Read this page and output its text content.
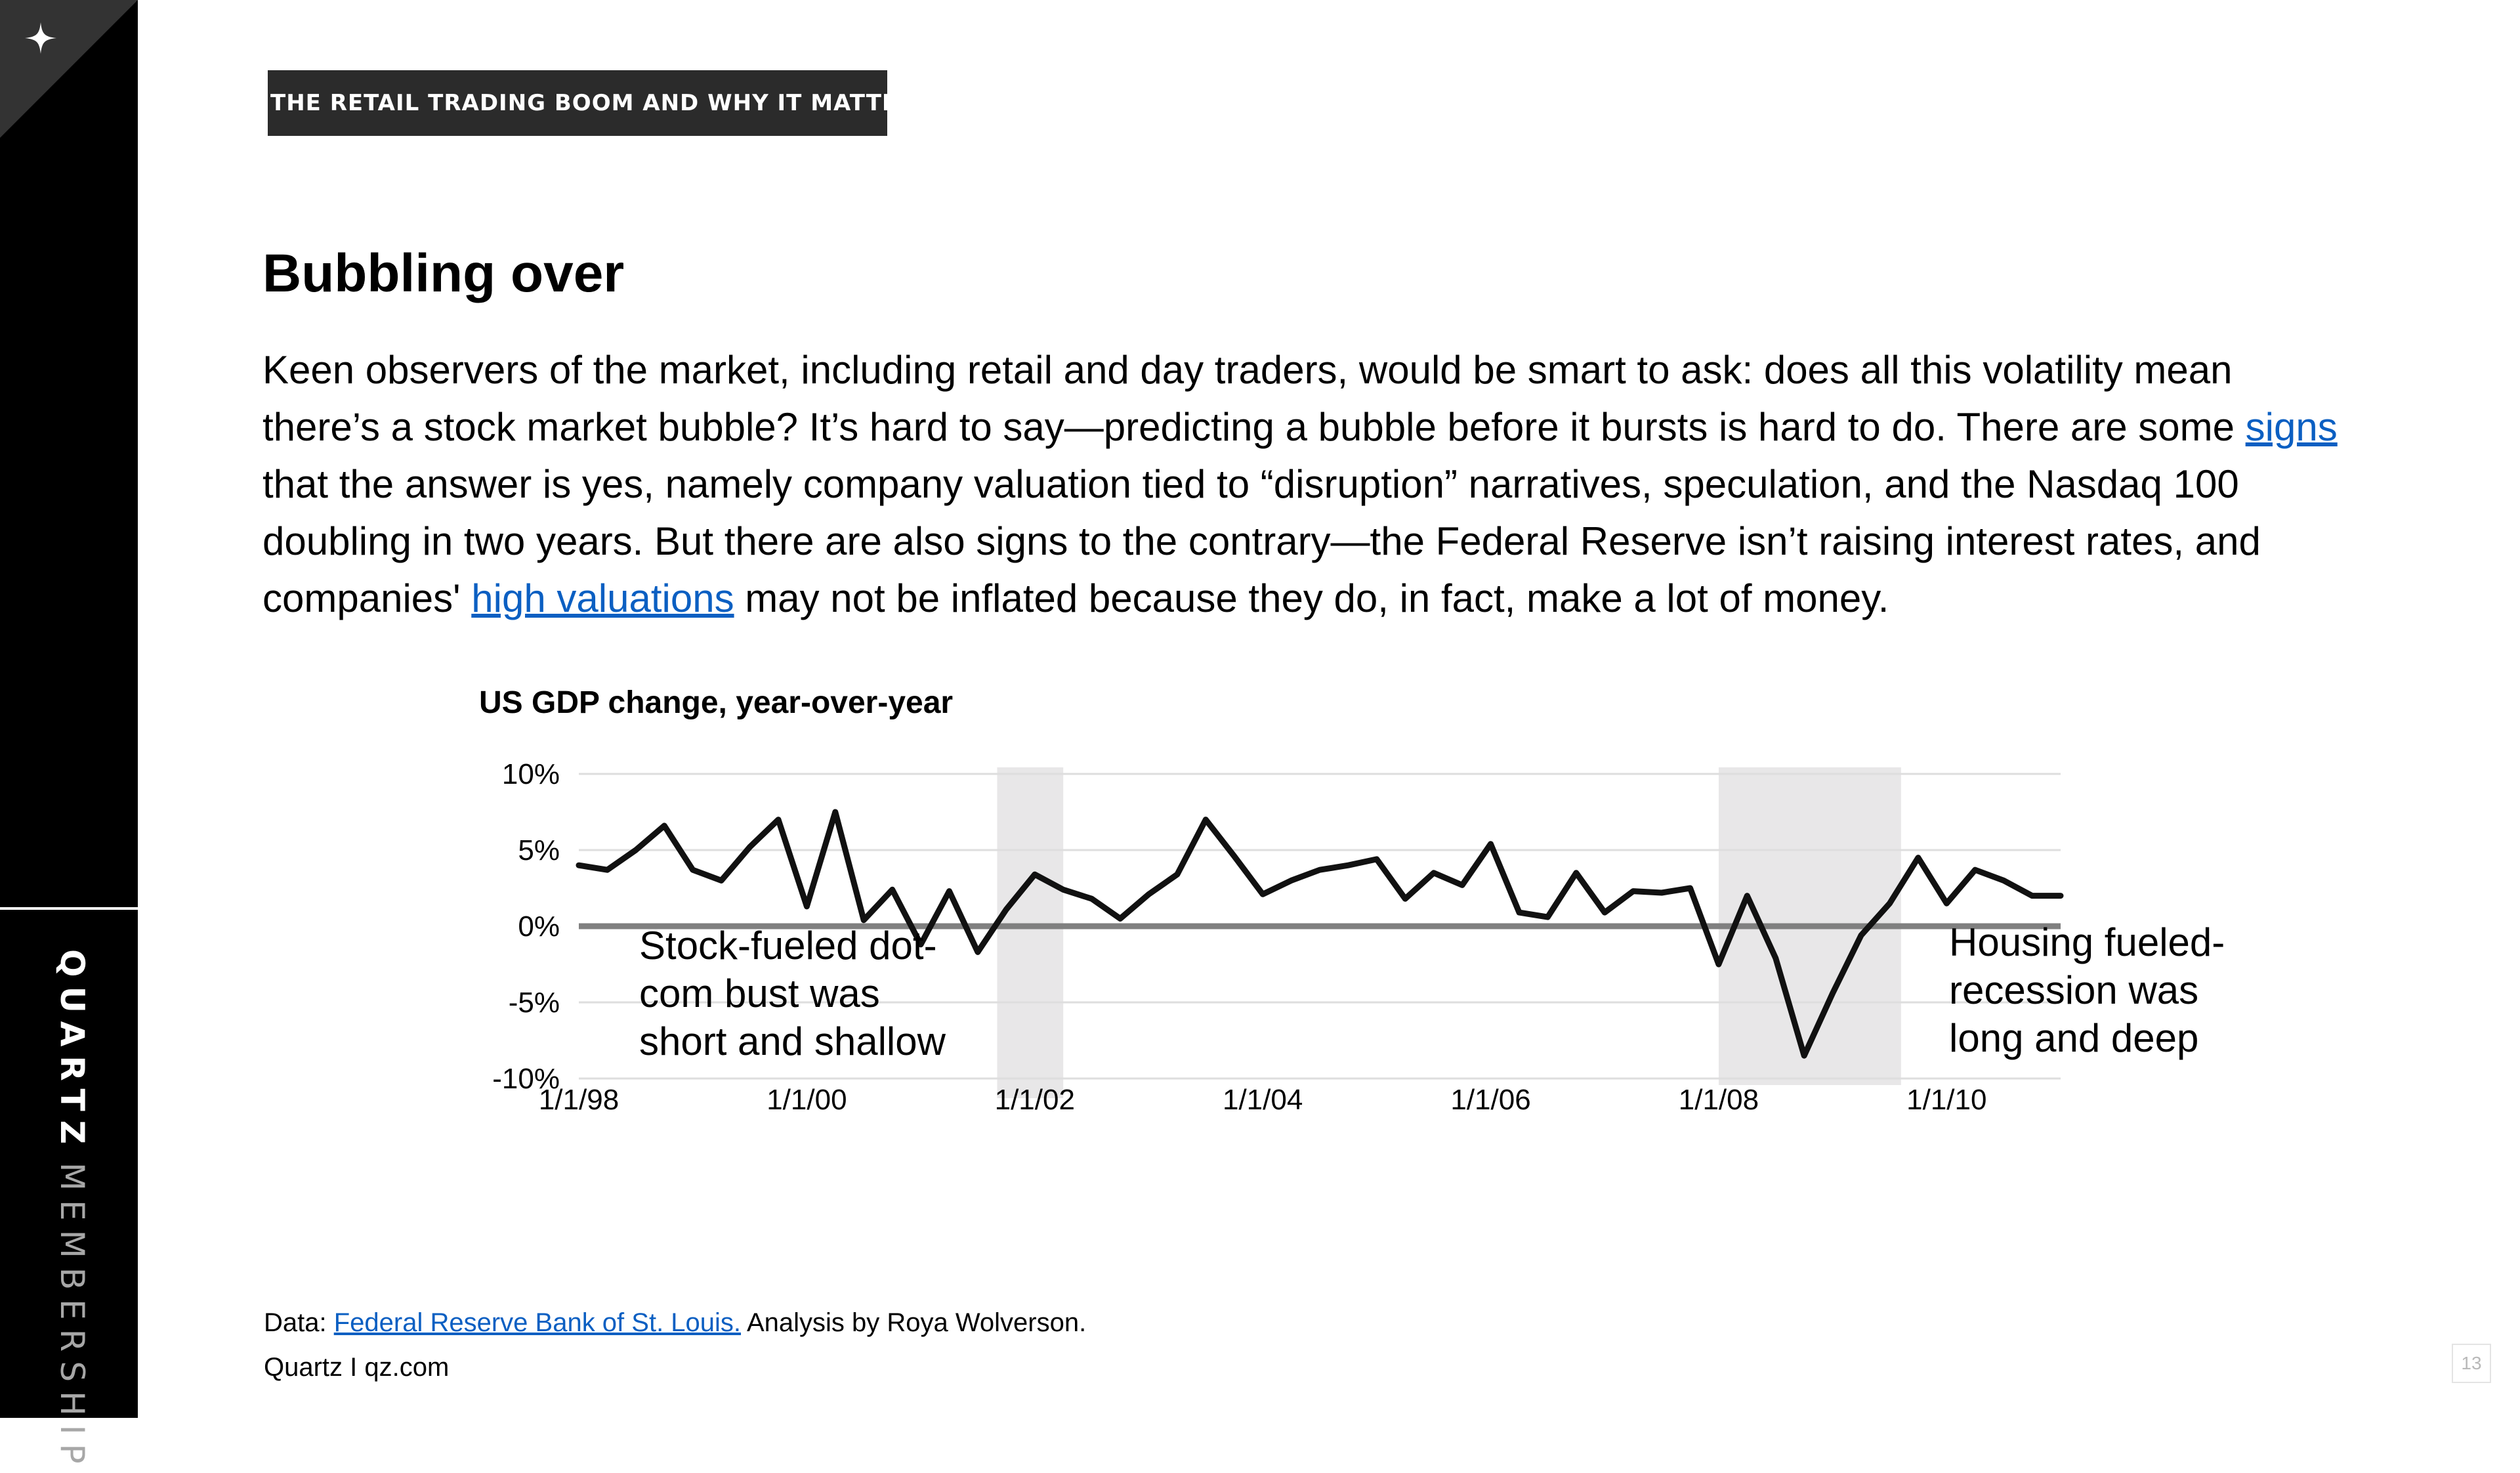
QUARTZMEMBERSHIP
THE RETAIL TRADING BOOM AND WHY IT MATTERS
Bubbling over

Keen observers of the market, including retail and day traders, would be smart to ask: does all this volatility mean
there’s a stock market bubble? It’s hard to say—predicting a bubble before it bursts is hard to do. There are some signs
that the answer is yes, namely company valuation tied to “disruption” narratives, speculation, and the Nasdaq 100
doubling in two years. But there are also signs to the contrary—the Federal Reserve isn’t raising interest rates, and
companies' high valuations may not be inflated because they do, in fact, make a lot of money.

US GDP change, year-over-year
10%
5%
0%
-5%
-10%
1/1/98	1/1/00	1/1/02	1/1/04	1/1/06	1/1/08	1/1/10
Stock-fueled dot-com bust was short and shallow
Housing fueled-recession was long and deep
Data: Federal Reserve Bank of St. Louis. Analysis by Roya Wolverson.
Quartz I qz.com	13
